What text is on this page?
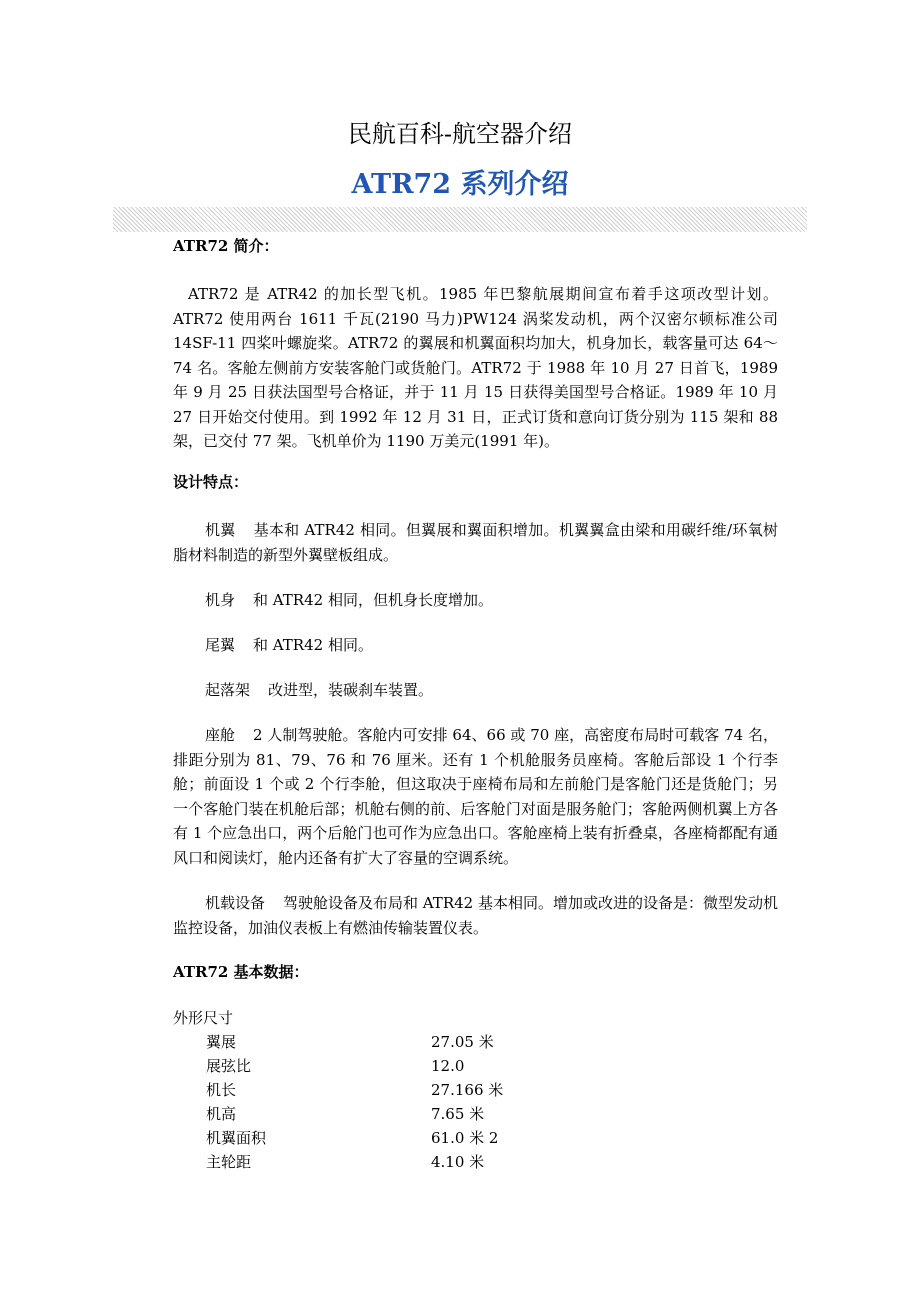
民航百科-航空器介绍
ATR72 系列介绍
ATR72 简介：
ATR72 是 ATR42 的加长型飞机。1985 年巴黎航展期间宣布着手这项改型计划。ATR72 使用两台 1611 千瓦(2190 马力)PW124 涡桨发动机，两个汉密尔顿标准公司 14SF-11 四桨叶螺旋桨。ATR72 的翼展和机翼面积均加大，机身加长，载客量可达 64～74 名。客舱左侧前方安装客舱门或货舱门。ATR72 于 1988 年 10 月 27 日首飞，1989 年 9 月 25 日获法国型号合格证，并于 11 月 15 日获得美国型号合格证。1989 年 10 月 27 日开始交付使用。到 1992 年 12 月 31 日，正式订货和意向订货分别为 115 架和 88 架，已交付 77 架。飞机单价为 1190 万美元(1991 年)。
设计特点：
机翼 基本和 ATR42 相同。但翼展和翼面积增加。机翼翼盒由梁和用碳纤维/环氧树脂材料制造的新型外翼壁板组成。
机身 和 ATR42 相同，但机身长度增加。
尾翼 和 ATR42 相同。
起落架 改进型，装碳刹车装置。
座舱 2 人制驾驶舱。客舱内可安排 64、66 或 70 座，高密度布局时可载客 74 名，排距分别为 81、79、76 和 76 厘米。还有 1 个机舱服务员座椅。客舱后部设 1 个行李舱；前面设 1 个或 2 个行李舱，但这取决于座椅布局和左前舱门是客舱门还是货舱门；另一个客舱门装在机舱后部；机舱右侧的前、后客舱门对面是服务舱门；客舱两侧机翼上方各有 1 个应急出口，两个后舱门也可作为应急出口。客舱座椅上装有折叠桌，各座椅都配有通风口和阅读灯，舱内还备有扩大了容量的空调系统。
机载设备 驾驶舱设备及布局和 ATR42 基本相同。增加或改进的设备是：微型发动机监控设备，加油仪表板上有燃油传输装置仪表。
ATR72 基本数据：
外形尺寸
翼展	27.05 米
展弦比	12.0
机长	27.166 米
机高	7.65 米
机翼面积	61.0 米 2
主轮距	4.10 米
